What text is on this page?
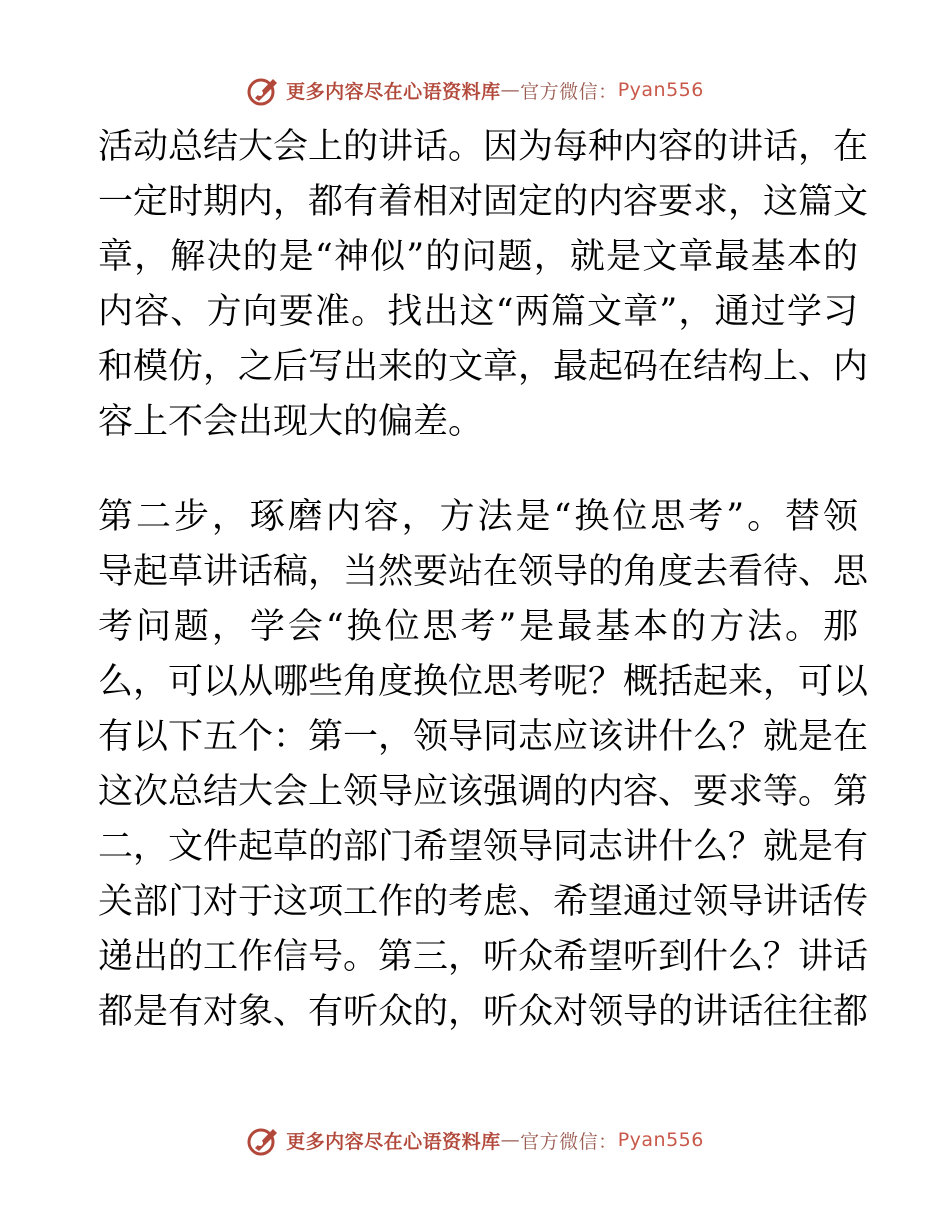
更多内容尽在心语资料库 — 官方微信： Pyan556
活动总结大会上的讲话。因为每种内容的讲话，在
一定时期内，都有着相对固定的内容要求，这篇文
章，解决的是“神似”的问题，就是文章最基本的
内容、方向要准。找出这“两篇文章”，通过学习
和模仿，之后写出来的文章，最起码在结构上、内
容上不会出现大的偏差。
第二步，琢磨内容，方法是“换位思考”。替领
导起草讲话稿，当然要站在领导的角度去看待、思
考问题，学会“换位思考”是最基本的方法。那
么，可以从哪些角度换位思考呢？概括起来，可以
有以下五个：第一，领导同志应该讲什么？就是在
这次总结大会上领导应该强调的内容、要求等。第
二，文件起草的部门希望领导同志讲什么？就是有
关部门对于这项工作的考虑、希望通过领导讲话传
递出的工作信号。第三，听众希望听到什么？讲话
都是有对象、有听众的，听众对领导的讲话往往都
更多内容尽在心语资料库 — 官方微信： Pyan556
